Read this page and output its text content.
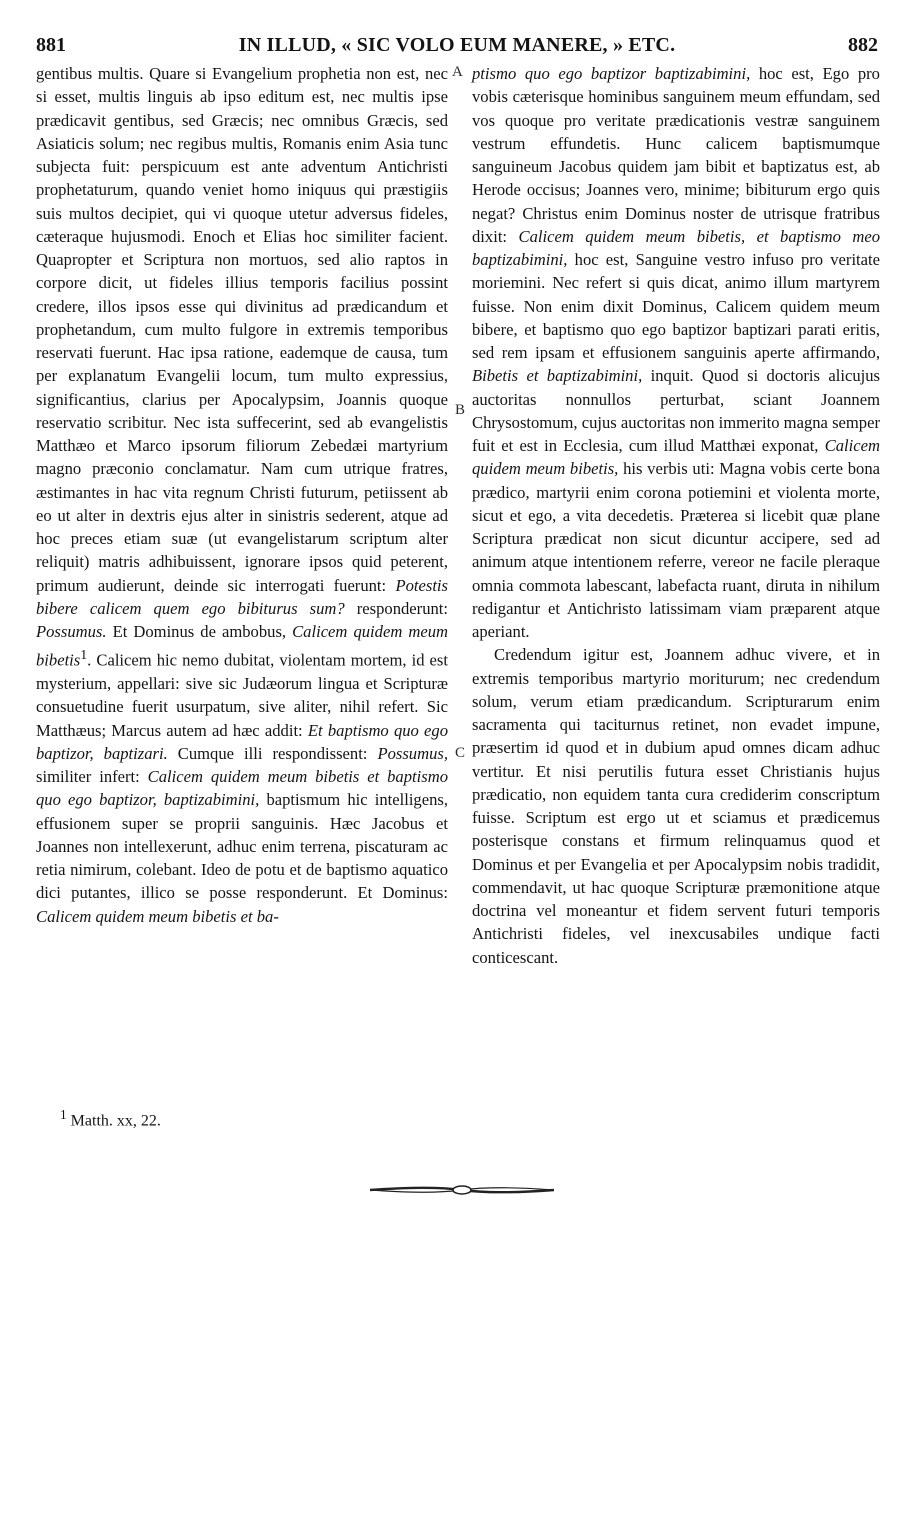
881	IN ILLUD, « SIC VOLO EUM MANERE, » ETC.	882

gentibus multis. Quare si Evangelium prophetia non est, nec si esset, multis linguis ab ipso editum est, nec multis ipse prædicavit gentibus, sed Græcis; nec omnibus Græcis, sed Asiaticis solum; nec regibus multis, Romanis enim Asia tunc subjecta fuit: perspicuum est ante adventum Antichristi prophetaturum, quando veniet homo iniquus qui præstigiis suis multos decipiet, qui vi quoque utetur adversus fideles, cæteraque hujusmodi. Enoch et Elias hoc similiter facient. Quapropter et Scriptura non mortuos, sed alio raptos in corpore dicit, ut fideles illius temporis facilius possint credere, illos ipsos esse qui divinitus ad prædicandum et prophetandum, cum multo fulgore in extremis temporibus reservati fuerunt. Hac ipsa ratione, eademque de causa, tum per explanatum Evangelii locum, tum multo expressius, significantius, clarius per Apocalypsim, Joannis quoque reservatio scribitur. Nec ista suffecerint, sed ab evangelistis Matthæo et Marco ipsorum filiorum Zebedæi martyrium magno præconio conclamatur. Nam cum utrique fratres, æstimantes in hac vita regnum Christi futurum, petiissent ab eo ut alter in dextris ejus alter in sinistris sederent, atque ad hoc preces etiam suæ (ut evangelistarum scriptum alter reliquit) matris adhibuissent, ignorare ipsos quid peterent, primum audierunt, deinde sic interrogati fuerunt: Potestis bibere calicem quem ego bibiturus sum? responderunt: Possumus. Et Dominus de ambobus, Calicem quidem meum bibetis$^1$. Calicem hic nemo dubitat, violentam mortem, id est mysterium, appellari: sive sic Judæorum lingua et Scripturæ consuetudine fuerit usurpatum, sive aliter, nihil refert. Sic Matthæus; Marcus autem ad hæc addit: Et baptismo quo ego baptizor, baptizari. Cumque illi respondissent: Possumus, similiter infert: Calicem quidem meum bibetis et baptismo quo ego baptizor, baptizabimini, baptismum hic intelligens, effusionem super se proprii sanguinis. Hæc Jacobus et Joannes non intellexerunt, adhuc enim terrena, piscaturam ac retia nimirum, colebant. Ideo de potu et de baptismo aquatico dici putantes, illico se posse responderunt. Et Dominus: Calicem quidem meum bibetis et ba-

A
B
C

ptismo quo ego baptizor baptizabimini, hoc est, Ego pro vobis cæterisque hominibus sanguinem meum effundam, sed vos quoque pro veritate prædicationis vestræ sanguinem vestrum effundetis. Hunc calicem baptismumque sanguineum Jacobus quidem jam bibit et baptizatus est, ab Herode occisus; Joannes vero, minime; bibiturum ergo quis negat? Christus enim Dominus noster de utrisque fratribus dixit: Calicem quidem meum bibetis, et baptismo meo baptizabimini, hoc est, Sanguine vestro infuso pro veritate moriemini. Nec refert si quis dicat, animo illum martyrem fuisse. Non enim dixit Dominus, Calicem quidem meum bibere, et baptismo quo ego baptizor baptizari parati eritis, sed rem ipsam et effusionem sanguinis aperte affirmando, Bibetis et baptizabimini, inquit. Quod si doctoris alicujus auctoritas nonnullos perturbat, sciant Joannem Chrysostomum, cujus auctoritas non immerito magna semper fuit et est in Ecclesia, cum illud Matthæi exponat, Calicem quidem meum bibetis, his verbis uti: Magna vobis certe bona prædico, martyrii enim corona potiemini et violenta morte, sicut et ego, a vita decedetis. Præterea si licebit quæ plane Scriptura prædicat non sicut dicuntur accipere, sed ad animum atque intentionem referre, vereor ne facile pleraque omnia commota labescant, labefacta ruant, diruta in nihilum redigantur et Antichristo latissimam viam præparent atque aperiant.

Credendum igitur est, Joannem adhuc vivere, et in extremis temporibus martyrio moriturum; nec credendum solum, verum etiam prædicandum. Scripturarum enim sacramenta qui taciturnus retinet, non evadet impune, præsertim id quod et in dubium apud omnes dicam adhuc vertitur. Et nisi perutilis futura esset Christianis hujus prædicatio, non equidem tanta cura crediderim conscriptum fuisse. Scriptum est ergo ut et sciamus et prædicemus posterisque constans et firmum relinquamus quod et Dominus et per Evangelia et per Apocalypsim nobis tradidit, commendavit, ut hac quoque Scripturæ præmonitione atque doctrina vel moneantur et fidem servent futuri temporis Antichristi fideles, vel inexcusabiles undique facti conticescant.

$^1$ Matth. xx, 22.
